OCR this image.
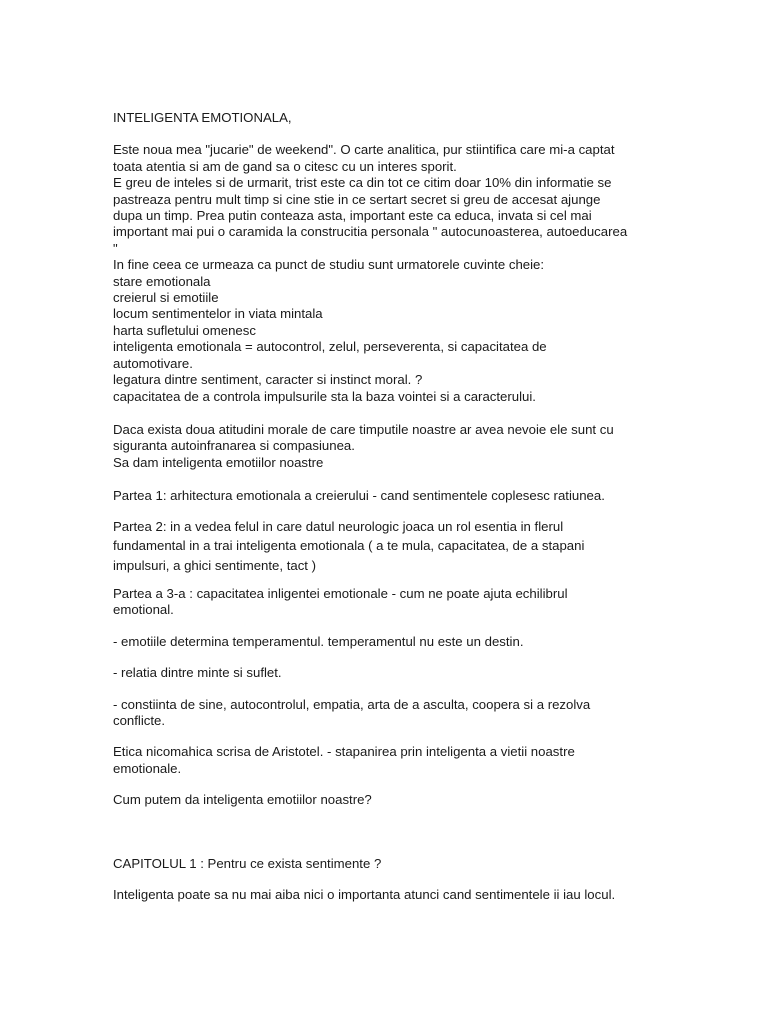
INTELIGENTA EMOTIONALA,

Este noua mea "jucarie" de weekend". O carte analitica, pur stiintifica care mi-a captat
toata atentia si am de gand sa o citesc cu un interes sporit.
E greu de inteles si de urmarit, trist este ca din tot ce citim doar 10% din informatie se
pastreaza pentru mult timp si cine stie in ce sertart secret si greu de accesat ajunge
dupa un timp. Prea putin conteaza asta, important este ca educa, invata si cel mai
important mai pui o caramida la construcitia personala " autocunoasterea, autoeducarea
"
In fine ceea ce urmeaza ca punct de studiu sunt urmatorele cuvinte cheie:
stare emotionala
creierul si emotiile
locum sentimentelor in viata mintala
harta sufletului omenesc
inteligenta emotionala = autocontrol, zelul, perseverenta, si capacitatea de
automotivare.
legatura dintre sentiment, caracter si instinct moral. ?
capacitatea de a controla impulsurile sta la baza vointei si a caracterului.

Daca exista doua atitudini morale de care timputile noastre ar avea nevoie ele sunt cu
siguranta autoinfranarea si compasiunea.
Sa dam inteligenta emotiilor noastre

Partea 1: arhitectura emotionala a creierului - cand sentimentele coplesesc ratiunea.

Partea 2: in a vedea felul in care datul neurologic joaca un rol esentia in flerul
fundamental in a trai inteligenta emotionala ( a te mula, capacitatea, de a stapani
impulsuri, a ghici sentimente, tact )

Partea a 3-a : capacitatea inligentei emotionale - cum ne poate ajuta echilibrul
emotional.

- emotiile determina temperamentul. temperamentul nu este un destin.

- relatia dintre minte si suflet.

- constiinta de sine, autocontrolul, empatia, arta de a asculta, coopera si a rezolva
conflicte.

Etica nicomahica scrisa de Aristotel. - stapanirea prin inteligenta a vietii noastre
emotionale.

Cum putem da inteligenta emotiilor noastre?

CAPITOLUL 1 : Pentru ce exista sentimente ?

Inteligenta poate sa nu mai aiba nici o importanta atunci cand sentimentele ii iau locul.
